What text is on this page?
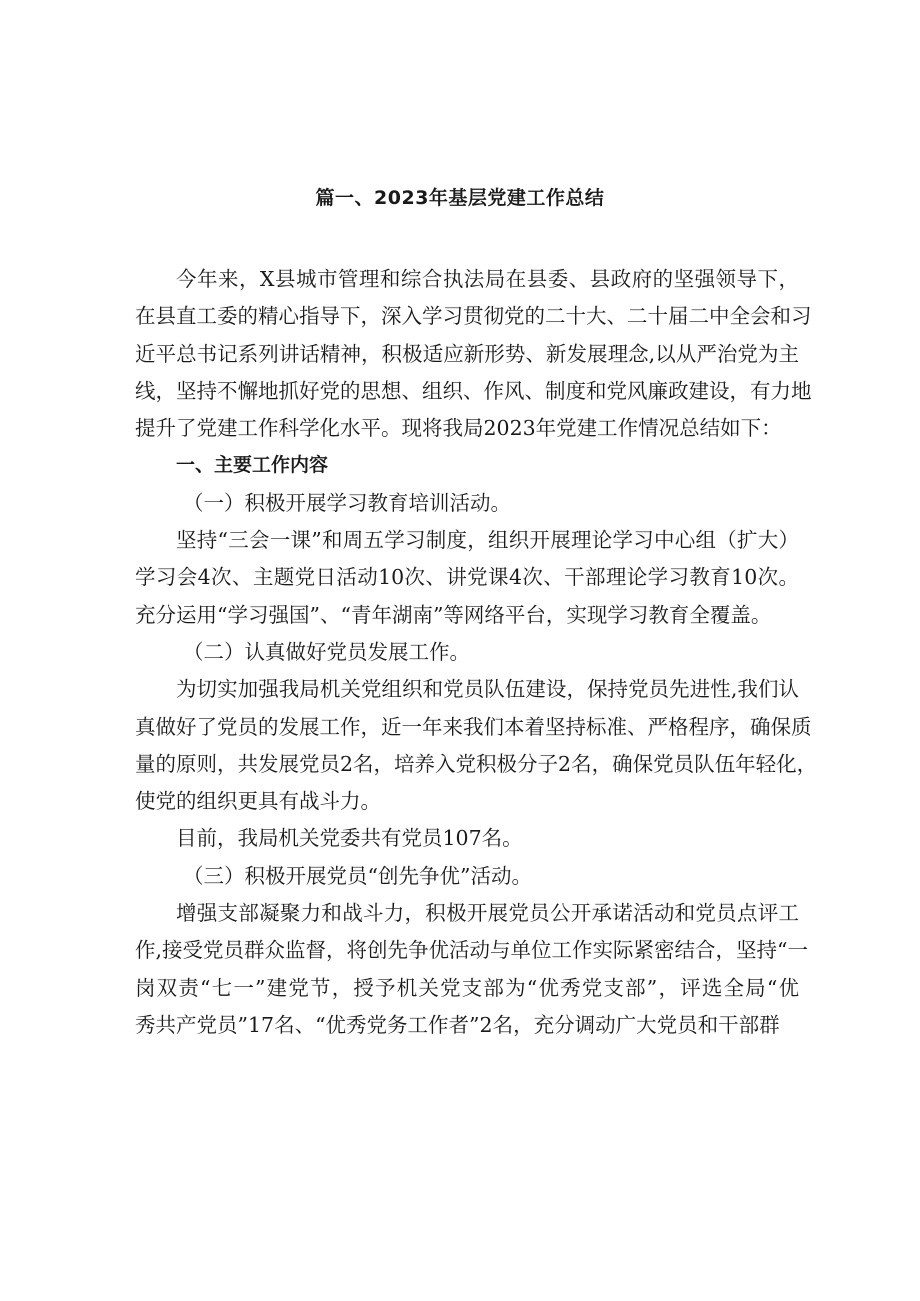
篇一、2023年基层党建工作总结
今年来，X县城市管理和综合执法局在县委、县政府的坚强领导下，
在县直工委的精心指导下，深入学习贯彻党的二十大、二十届二中全会和习
近平总书记系列讲话精神，积极适应新形势、新发展理念,以从严治党为主
线，坚持不懈地抓好党的思想、组织、作风、制度和党风廉政建设，有力地
提升了党建工作科学化水平。现将我局2023年党建工作情况总结如下：
一、主要工作内容
（一）积极开展学习教育培训活动。
坚持“三会一课”和周五学习制度，组织开展理论学习中心组（扩大）
学习会4次、主题党日活动10次、讲党课4次、干部理论学习教育10次。
充分运用“学习强国”、“青年湖南”等网络平台，实现学习教育全覆盖。
（二）认真做好党员发展工作。
为切实加强我局机关党组织和党员队伍建设，保持党员先进性,我们认
真做好了党员的发展工作，近一年来我们本着坚持标准、严格程序，确保质
量的原则，共发展党员2名，培养入党积极分子2名，确保党员队伍年轻化，
使党的组织更具有战斗力。
目前，我局机关党委共有党员107名。
（三）积极开展党员“创先争优”活动。
增强支部凝聚力和战斗力，积极开展党员公开承诺活动和党员点评工
作,接受党员群众监督，将创先争优活动与单位工作实际紧密结合，坚持“一
岗双责“七一”建党节，授予机关党支部为“优秀党支部”，评选全局“优
秀共产党员”17名、“优秀党务工作者”2名，充分调动广大党员和干部群
